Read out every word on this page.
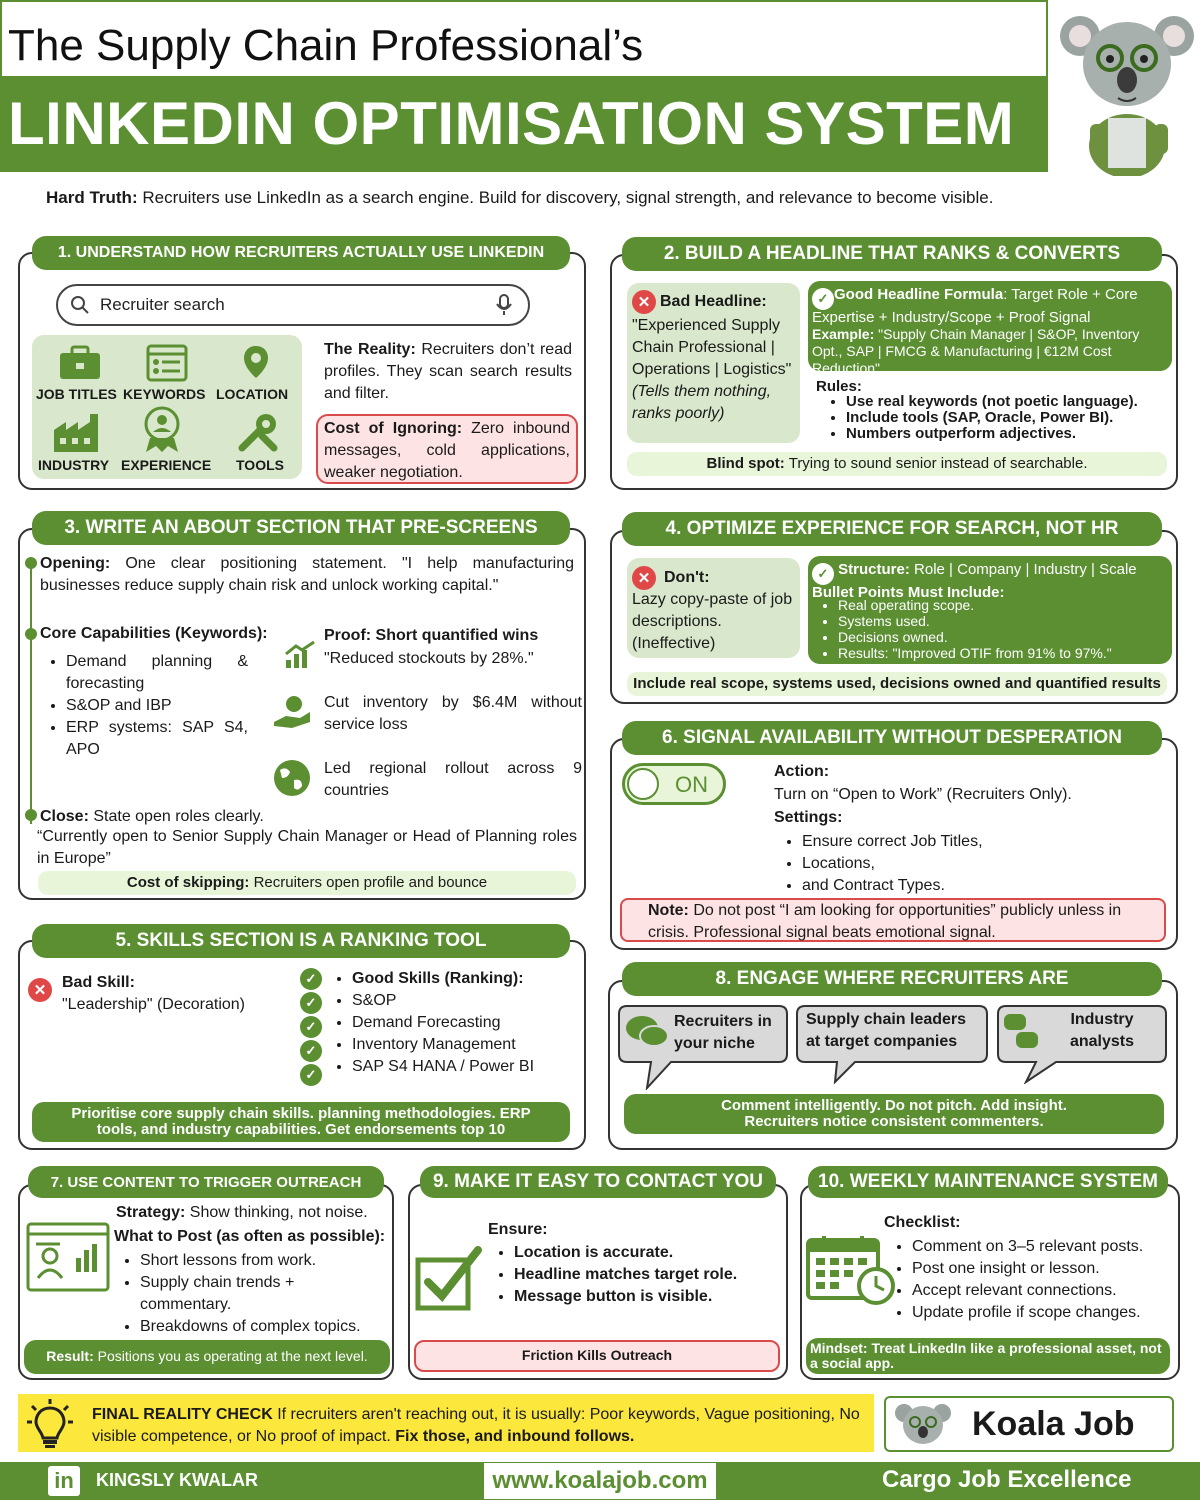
The Supply Chain Professional’s
LINKEDIN OPTIMISATION SYSTEM
Hard Truth: Recruiters use LinkedIn as a search engine. Build for discovery, signal strength, and relevance to become visible.
1. UNDERSTAND HOW RECRUITERS ACTUALLY USE LINKEDIN
Recruiter search
JOB TITLES KEYWORDS LOCATION
INDUSTRY EXPERIENCE TOOLS
The Reality: Recruiters don’t read profiles. They scan search results and filter.
Cost of Ignoring: Zero inbound messages, cold applications, weaker negotiation.
2. BUILD A HEADLINE THAT RANKS & CONVERTS
✕ Bad Headline:
"Experienced Supply Chain Professional | Operations | Logistics" (Tells them nothing, ranks poorly)
✓ Good Headline Formula: Target Role + Core Expertise + Industry/Scope + Proof Signal
Example: "Supply Chain Manager | S&OP, Inventory Opt., SAP | FMCG & Manufacturing | €12M Cost Reduction"
Rules:
• Use real keywords (not poetic language).
• Include tools (SAP, Oracle, Power BI).
• Numbers outperform adjectives.
Blind spot: Trying to sound senior instead of searchable.
3. WRITE AN ABOUT SECTION THAT PRE-SCREENS
Opening: One clear positioning statement. "I help manufacturing businesses reduce supply chain risk and unlock working capital."
Core Capabilities (Keywords):
• Demand planning & forecasting
• S&OP and IBP
• ERP systems: SAP S4, APO
Proof: Short quantified wins
"Reduced stockouts by 28%."
Cut inventory by $6.4M without service loss
Led regional rollout across 9 countries
Close: State open roles clearly.
“Currently open to Senior Supply Chain Manager or Head of Planning roles in Europe”
Cost of skipping: Recruiters open profile and bounce
4. OPTIMIZE EXPERIENCE FOR SEARCH, NOT HR
✕ Don't:
Lazy copy-paste of job descriptions. (Ineffective)
✓ Structure: Role | Company | Industry | Scale
Bullet Points Must Include:
• Real operating scope.
• Systems used.
• Decisions owned.
• Results: "Improved OTIF from 91% to 97%."
Include real scope, systems used, decisions owned and quantified results
6. SIGNAL AVAILABILITY WITHOUT DESPERATION
ON
Action:
Turn on “Open to Work” (Recruiters Only).
Settings:
• Ensure correct Job Titles,
• Locations,
• and Contract Types.
Note: Do not post “I am looking for opportunities” publicly unless in crisis. Professional signal beats emotional signal.
5. SKILLS SECTION IS A RANKING TOOL
✕ Bad Skill:
"Leadership" (Decoration)
✓
✓
✓
✓
✓
• Good Skills (Ranking):
• S&OP
• Demand Forecasting
• Inventory Management
• SAP S4 HANA / Power BI
Prioritise core supply chain skills. planning methodologies. ERP tools, and industry capabilities. Get endorsements top 10
8. ENGAGE WHERE RECRUITERS ARE
Recruiters in your niche
Supply chain leaders at target companies
Industry analysts
Comment intelligently. Do not pitch. Add insight. Recruiters notice consistent commenters.
7. USE CONTENT TO TRIGGER OUTREACH
Strategy: Show thinking, not noise.
What to Post (as often as possible):
• Short lessons from work.
• Supply chain trends + commentary.
• Breakdowns of complex topics.
Result: Positions you as operating at the next level.
9. MAKE IT EASY TO CONTACT YOU
Ensure:
• Location is accurate.
• Headline matches target role.
• Message button is visible.
Friction Kills Outreach
10. WEEKLY MAINTENANCE SYSTEM
Checklist:
• Comment on 3–5 relevant posts.
• Post one insight or lesson.
• Accept relevant connections.
• Update profile if scope changes.
Mindset: Treat LinkedIn like a professional asset, not a social app.
FINAL REALITY CHECK If recruiters aren't reaching out, it is usually: Poor keywords, Vague positioning, No visible competence, or No proof of impact. Fix those, and inbound follows.	Koala Job
in KINGSLY KWALAR	www.koalajob.com	Cargo Job Excellence
